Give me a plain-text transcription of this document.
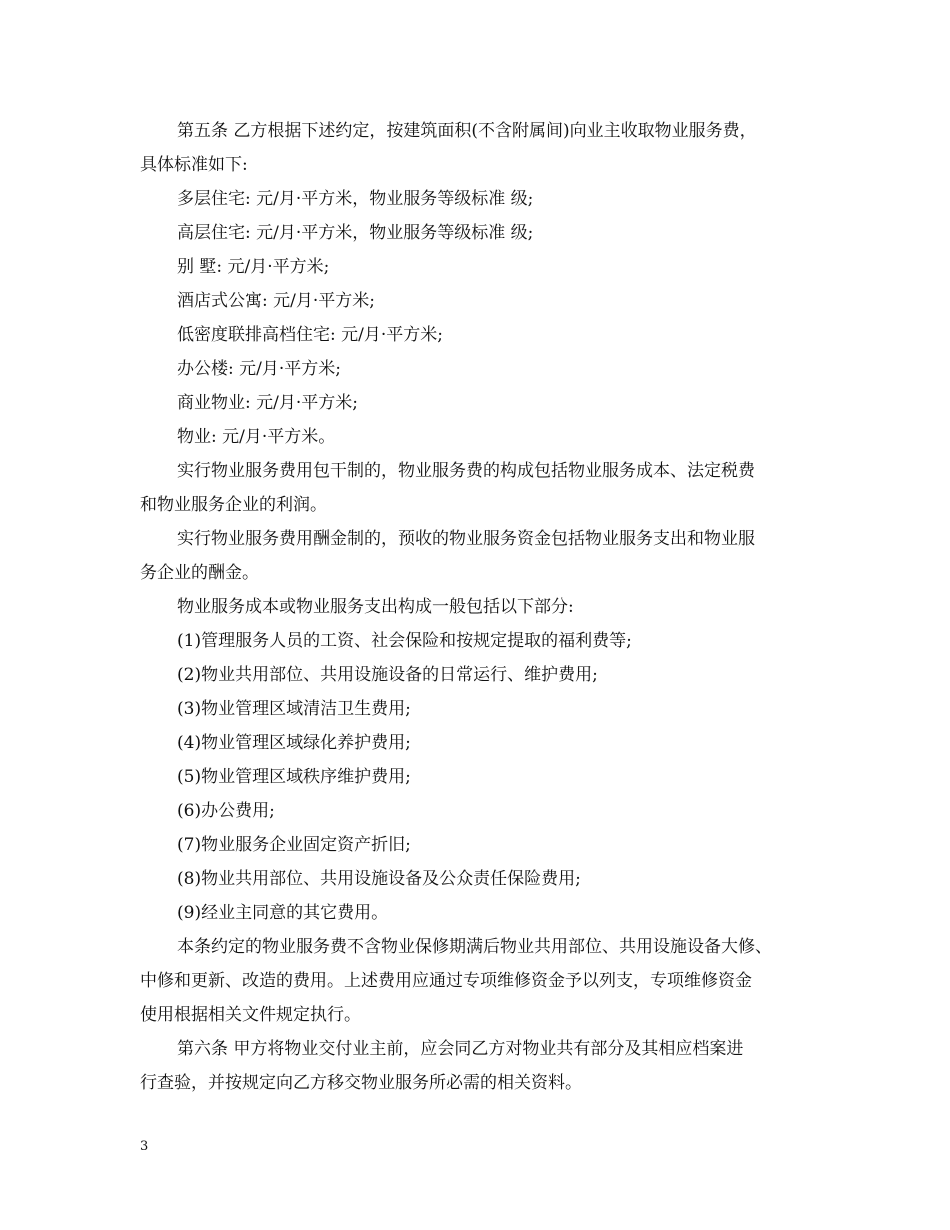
第五条 乙方根据下述约定，按建筑面积(不含附属间)向业主收取物业服务费，

具体标准如下:

多层住宅: 元/月·平方米，物业服务等级标准 级;

高层住宅: 元/月·平方米，物业服务等级标准 级;

别 墅: 元/月·平方米;

酒店式公寓: 元/月·平方米;

低密度联排高档住宅: 元/月·平方米;

办公楼: 元/月·平方米;

商业物业: 元/月·平方米;

物业: 元/月·平方米。

实行物业服务费用包干制的，物业服务费的构成包括物业服务成本、法定税费

和物业服务企业的利润。

实行物业服务费用酬金制的，预收的物业服务资金包括物业服务支出和物业服

务企业的酬金。

物业服务成本或物业服务支出构成一般包括以下部分:

(1)管理服务人员的工资、社会保险和按规定提取的福利费等;

(2)物业共用部位、共用设施设备的日常运行、维护费用;

(3)物业管理区域清洁卫生费用;

(4)物业管理区域绿化养护费用;

(5)物业管理区域秩序维护费用;

(6)办公费用;

(7)物业服务企业固定资产折旧;

(8)物业共用部位、共用设施设备及公众责任保险费用;

(9)经业主同意的其它费用。

本条约定的物业服务费不含物业保修期满后物业共用部位、共用设施设备大修、

中修和更新、改造的费用。上述费用应通过专项维修资金予以列支，专项维修资金

使用根据相关文件规定执行。

第六条 甲方将物业交付业主前，应会同乙方对物业共有部分及其相应档案进

行查验，并按规定向乙方移交物业服务所必需的相关资料。

3
